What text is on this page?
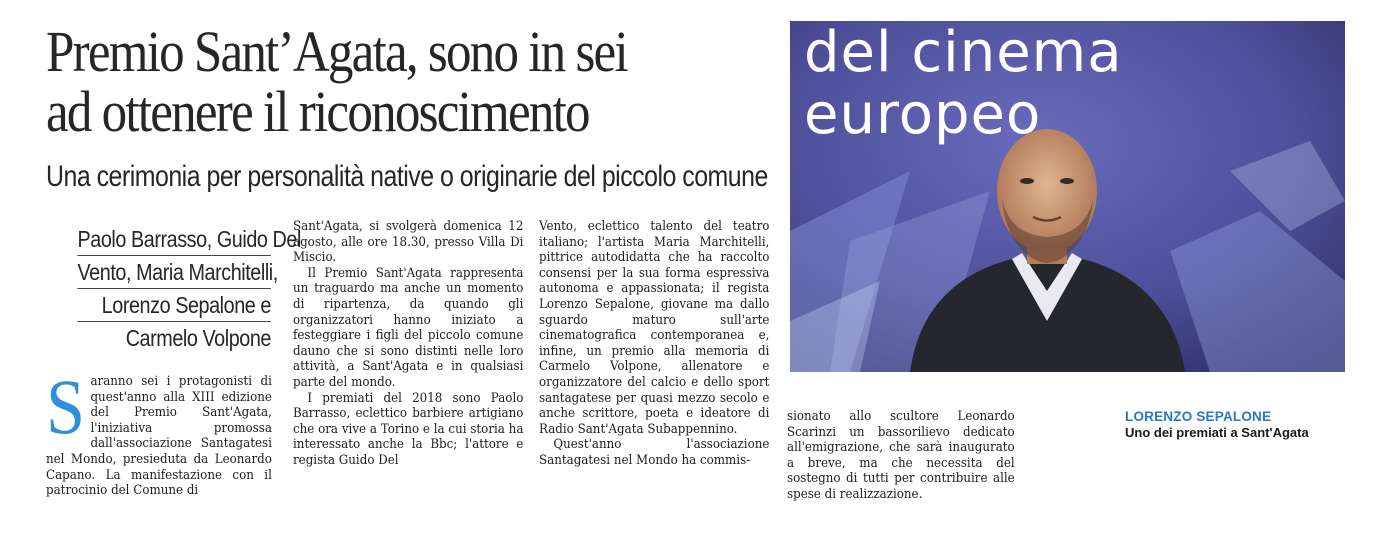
Premio Sant’Agata, sono in sei
ad ottenere il riconoscimento
Una cerimonia per personalità native o originarie del piccolo comune
Paolo Barrasso, Guido Del
Vento, Maria Marchitelli,
Lorenzo Sepalone e
Carmelo Volpone
S aranno sei i protagonisti di quest'anno alla XIII edizione del Premio Sant'Agata, l'iniziativa promossa dall'associazione Santagatesi nel Mondo, presieduta da Leonardo Capano. La manifestazione con il patrocinio del Comune di

Sant'Agata, si svolgerà domenica 12 agosto, alle ore 18.30, presso Villa Di Miscio.

Il Premio Sant'Agata rappresenta un traguardo ma anche un momento di ripartenza, da quando gli organizzatori hanno iniziato a festeggiare i figli del piccolo comune dauno che si sono distinti nelle loro attività, a Sant'Agata e in qualsiasi parte del mondo.

I premiati del 2018 sono Paolo Barrasso, eclettico barbiere artigiano che ora vive a Torino e la cui storia ha interessato anche la Bbc; l'attore e regista Guido Del

Vento, eclettico talento del teatro italiano; l'artista Maria Marchitelli, pittrice autodidatta che ha raccolto consensi per la sua forma espressiva autonoma e appassionata; il regista Lorenzo Sepalone, giovane ma dallo sguardo maturo sull'arte cinematografica contemporanea e, infine, un premio alla memoria di Carmelo Volpone, allenatore e organizzatore del calcio e dello sport santagatese per quasi mezzo secolo e anche scrittore, poeta e ideatore di Radio Sant'Agata Subappennino.

Quest'anno l'associazione Santagatesi nel Mondo ha commis-

sionato allo scultore Leonardo Scarinzi un bassorilievo dedicato all'emigrazione, che sarà inaugurato a breve, ma che necessita del sostegno di tutti per contribuire alle spese di realizzazione.

del cinema
europeo
LORENZO SEPALONE
Uno dei premiati a Sant'Agata
